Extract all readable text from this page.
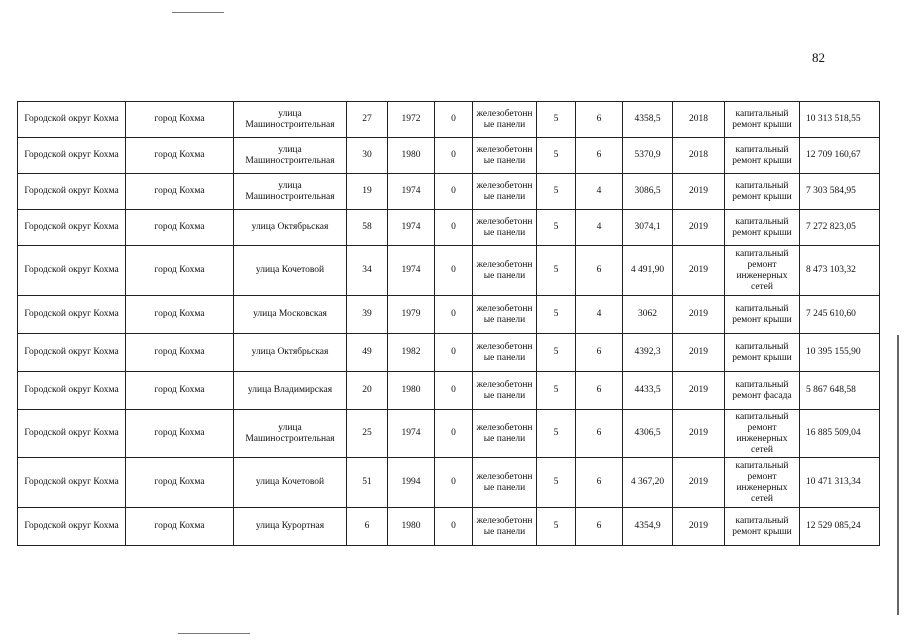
82
Городской округ Кохма	город Кохма	улица Машиностроительная	27	1972	0	железобетонные панели	5	6	4358,5	2018	капитальный ремонт крыши	10 313 518,55
Городской округ Кохма	город Кохма	улица Машиностроительная	30	1980	0	железобетонные панели	5	6	5370,9	2018	капитальный ремонт крыши	12 709 160,67
Городской округ Кохма	город Кохма	улица Машиностроительная	19	1974	0	железобетонные панели	5	4	3086,5	2019	капитальный ремонт крыши	7 303 584,95
Городской округ Кохма	город Кохма	улица Октябрьская	58	1974	0	железобетонные панели	5	4	3074,1	2019	капитальный ремонт крыши	7 272 823,05
Городской округ Кохма	город Кохма	улица Кочетовой	34	1974	0	железобетонные панели	5	6	4 491,90	2019	капитальный ремонт инженерных сетей	8 473 103,32
Городской округ Кохма	город Кохма	улица Московская	39	1979	0	железобетонные панели	5	4	3062	2019	капитальный ремонт крыши	7 245 610,60
Городской округ Кохма	город Кохма	улица Октябрьская	49	1982	0	железобетонные панели	5	6	4392,3	2019	капитальный ремонт крыши	10 395 155,90
Городской округ Кохма	город Кохма	улица Владимирская	20	1980	0	железобетонные панели	5	6	4433,5	2019	капитальный ремонт фасада	5 867 648,58
Городской округ Кохма	город Кохма	улица Машиностроительная	25	1974	0	железобетонные панели	5	6	4306,5	2019	капитальный ремонт инженерных сетей	16 885 509,04
Городской округ Кохма	город Кохма	улица Кочетовой	51	1994	0	железобетонные панели	5	6	4 367,20	2019	капитальный ремонт инженерных сетей	10 471 313,34
Городской округ Кохма	город Кохма	улица Курортная	6	1980	0	железобетонные панели	5	6	4354,9	2019	капитальный ремонт крыши	12 529 085,24
